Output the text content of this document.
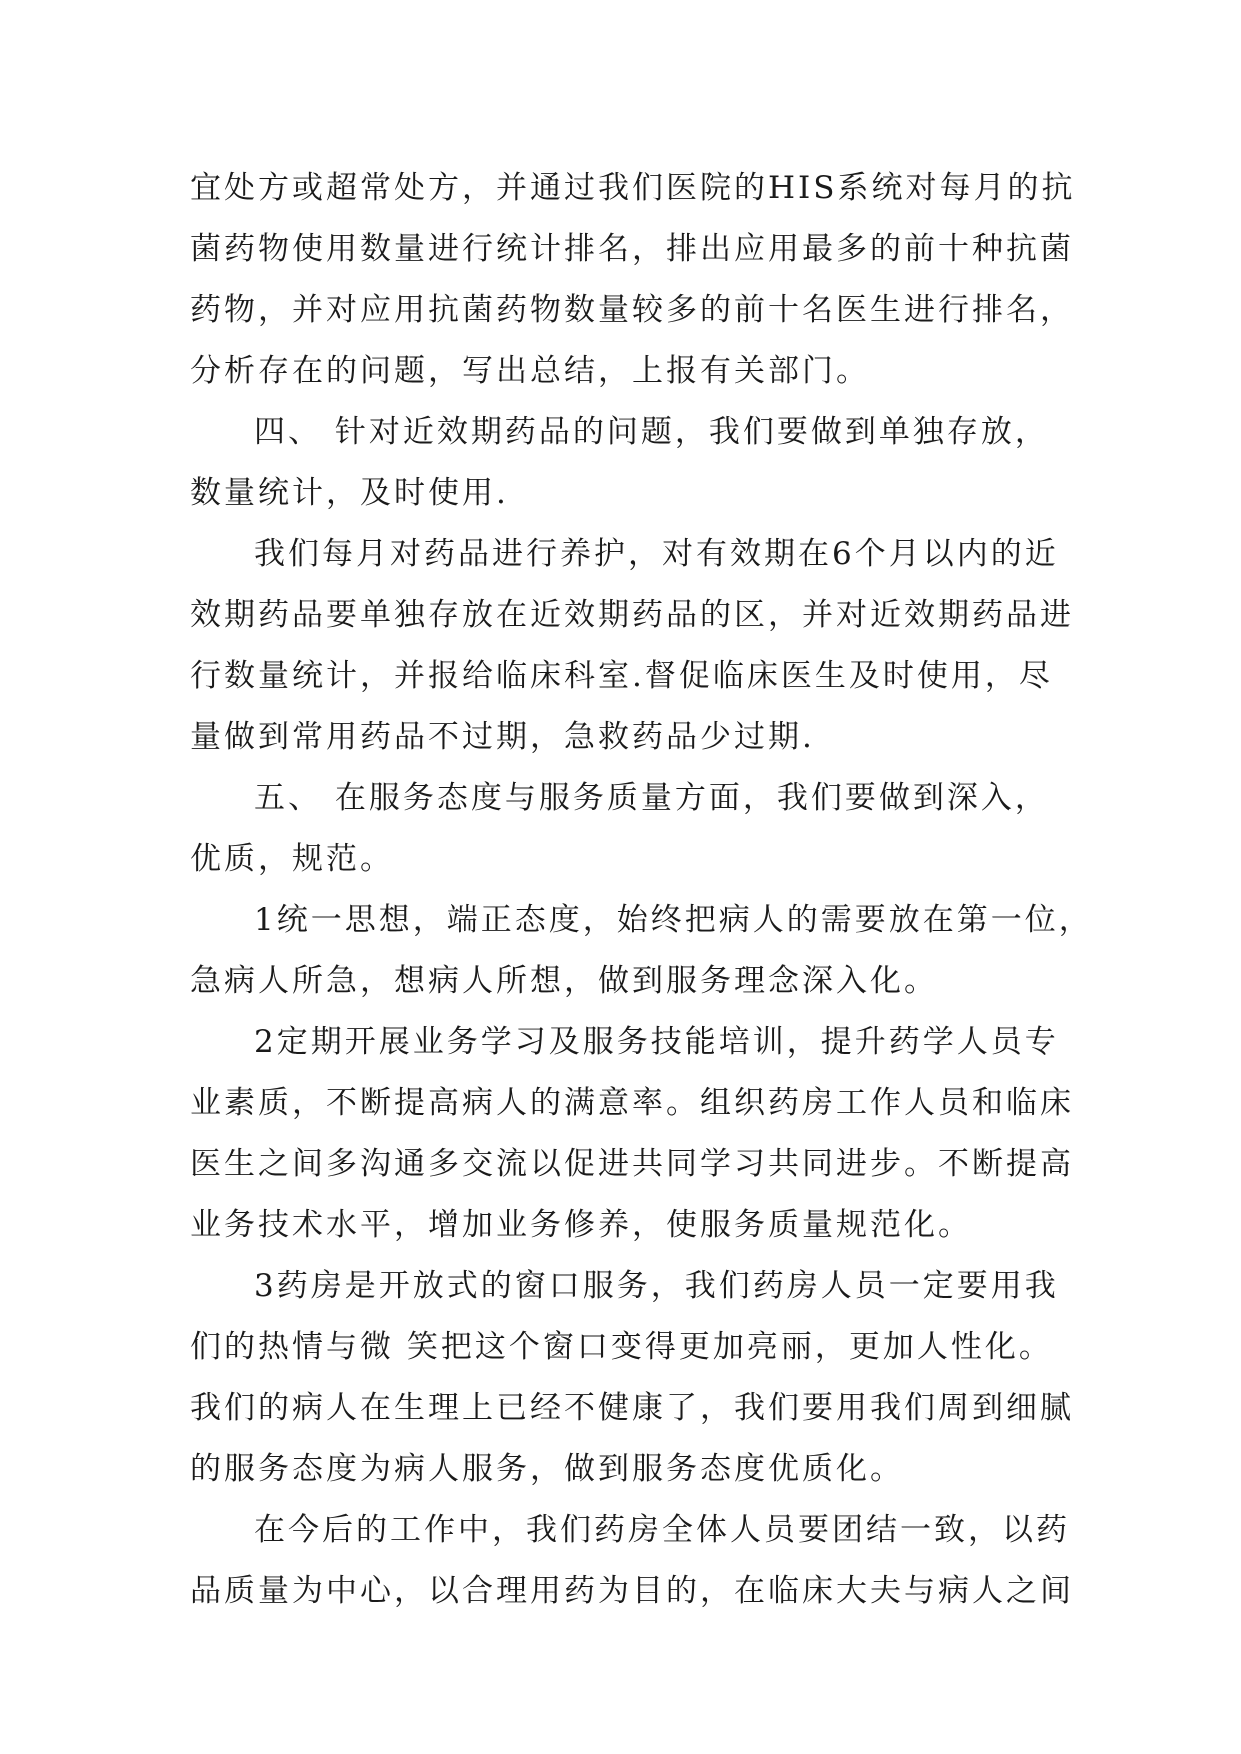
宜处方或超常处方，并通过我们医院的HIS系统对每月的抗
菌药物使用数量进行统计排名，排出应用最多的前十种抗菌
药物，并对应用抗菌药物数量较多的前十名医生进行排名，
分析存在的问题，写出总结，上报有关部门。
四、 针对近效期药品的问题，我们要做到单独存放，
数量统计，及时使用.
我们每月对药品进行养护，对有效期在6个月以内的近
效期药品要单独存放在近效期药品的区，并对近效期药品进
行数量统计，并报给临床科室.督促临床医生及时使用，尽
量做到常用药品不过期，急救药品少过期.
五、 在服务态度与服务质量方面，我们要做到深入，
优质，规范。
1统一思想，端正态度，始终把病人的需要放在第一位，
急病人所急，想病人所想，做到服务理念深入化。
2定期开展业务学习及服务技能培训，提升药学人员专
业素质，不断提高病人的满意率。组织药房工作人员和临床
医生之间多沟通多交流以促进共同学习共同进步。不断提高
业务技术水平，增加业务修养，使服务质量规范化。
3药房是开放式的窗口服务，我们药房人员一定要用我
们的热情与微 笑把这个窗口变得更加亮丽，更加人性化。
我们的病人在生理上已经不健康了，我们要用我们周到细腻
的服务态度为病人服务，做到服务态度优质化。
在今后的工作中，我们药房全体人员要团结一致，以药
品质量为中心，以合理用药为目的，在临床大夫与病人之间
